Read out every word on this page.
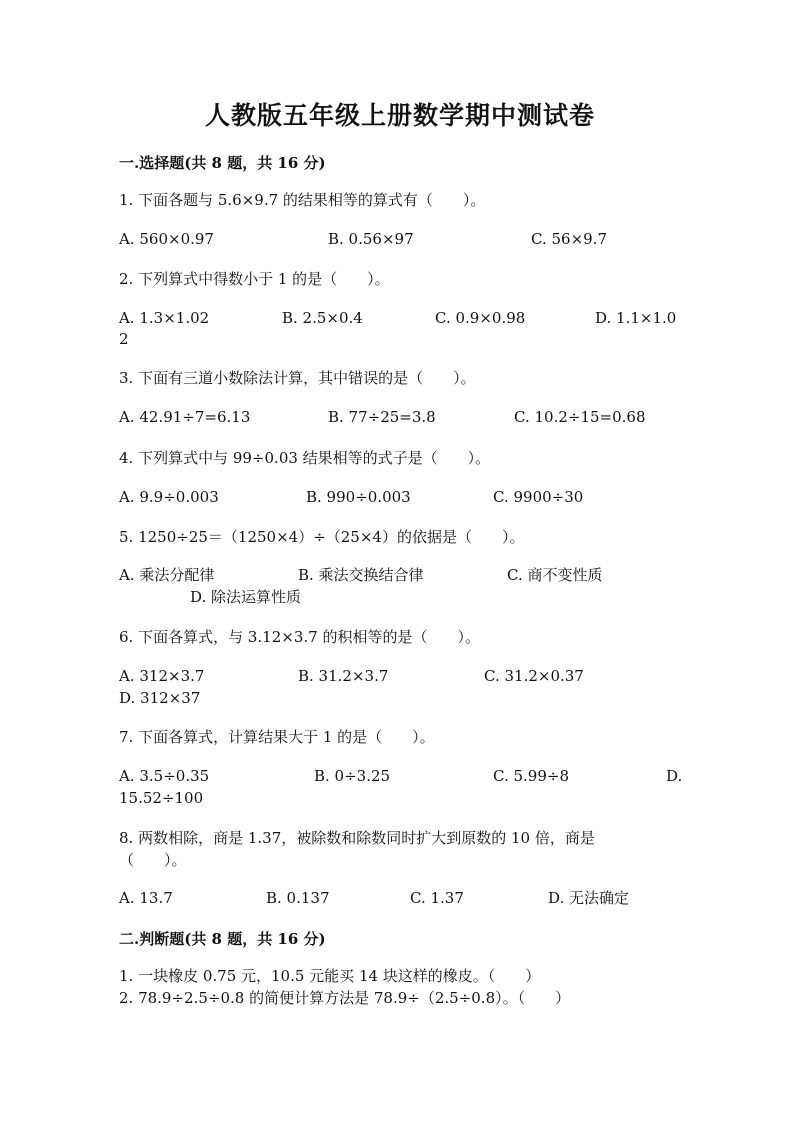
人教版五年级上册数学期中测试卷
一.选择题(共 8 题，共 16 分)
1. 下面各题与 5.6×9.7 的结果相等的算式有（　　）。
A. 560×0.97	B. 0.56×97	C. 56×9.7
2. 下列算式中得数小于 1 的是（　　）。
A. 1.3×1.02	B. 2.5×0.4	C. 0.9×0.98	D. 1.1×1.0
2
3. 下面有三道小数除法计算，其中错误的是（　　）。
A. 42.91÷7=6.13	B. 77÷25=3.8	C. 10.2÷15=0.68
4. 下列算式中与 99÷0.03 结果相等的式子是（　　）。
A. 9.9÷0.003	B. 990÷0.003	C. 9900÷30
5. 1250÷25＝（1250×4）÷（25×4）的依据是（　　）。
A. 乘法分配律	B. 乘法交换结合律	C. 商不变性质
D. 除法运算性质
6. 下面各算式，与 3.12×3.7 的积相等的是（　　）。
A. 312×3.7	B. 31.2×3.7	C. 31.2×0.37
D. 312×37
7. 下面各算式，计算结果大于 1 的是（　　）。
A. 3.5÷0.35	B. 0÷3.25	C. 5.99÷8	D.
15.52÷100
8. 两数相除，商是 1.37，被除数和除数同时扩大到原数的 10 倍，商是
（　　）。
A. 13.7	B. 0.137	C. 1.37	D. 无法确定
二.判断题(共 8 题，共 16 分)
1. 一块橡皮 0.75 元，10.5 元能买 14 块这样的橡皮。（　　）
2. 78.9÷2.5÷0.8 的简便计算方法是 78.9÷（2.5÷0.8）。（　　）
